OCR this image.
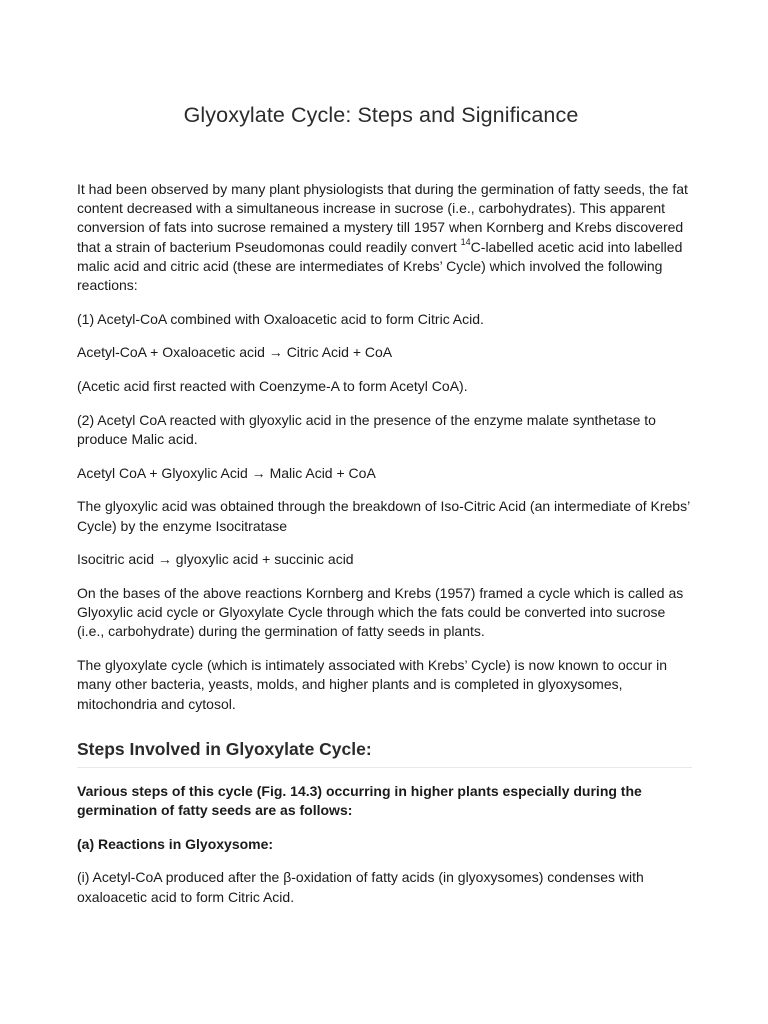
Glyoxylate Cycle: Steps and Significance

It had been observed by many plant physiologists that during the germination of fatty seeds, the fat content decreased with a simultaneous increase in sucrose (i.e., carbohydrates). This apparent conversion of fats into sucrose remained a mystery till 1957 when Kornberg and Krebs discovered that a strain of bacterium Pseudomonas could readily convert $^{14}$C-labelled acetic acid into labelled malic acid and citric acid (these are intermediates of Krebs’ Cycle) which involved the following reactions:

(1) Acetyl-CoA combined with Oxaloacetic acid to form Citric Acid.

Acetyl-CoA + Oxaloacetic acid → Citric Acid + CoA

(Acetic acid first reacted with Coenzyme-A to form Acetyl CoA).

(2) Acetyl CoA reacted with glyoxylic acid in the presence of the enzyme malate synthetase to produce Malic acid.

Acetyl CoA + Glyoxylic Acid → Malic Acid + CoA

The glyoxylic acid was obtained through the breakdown of Iso-Citric Acid (an intermediate of Krebs’ Cycle) by the enzyme Isocitratase

Isocitric acid → glyoxylic acid + succinic acid

On the bases of the above reactions Kornberg and Krebs (1957) framed a cycle which is called as Glyoxylic acid cycle or Glyoxylate Cycle through which the fats could be converted into sucrose (i.e., carbohydrate) during the germination of fatty seeds in plants.

The glyoxylate cycle (which is intimately associated with Krebs’ Cycle) is now known to occur in many other bacteria, yeasts, molds, and higher plants and is completed in glyoxysomes, mitochondria and cytosol.

Steps Involved in Glyoxylate Cycle:

Various steps of this cycle (Fig. 14.3) occurring in higher plants especially during the germination of fatty seeds are as follows:

(a) Reactions in Glyoxysome:

(i) Acetyl-CoA produced after the β-oxidation of fatty acids (in glyoxysomes) condenses with oxaloacetic acid to form Citric Acid.
